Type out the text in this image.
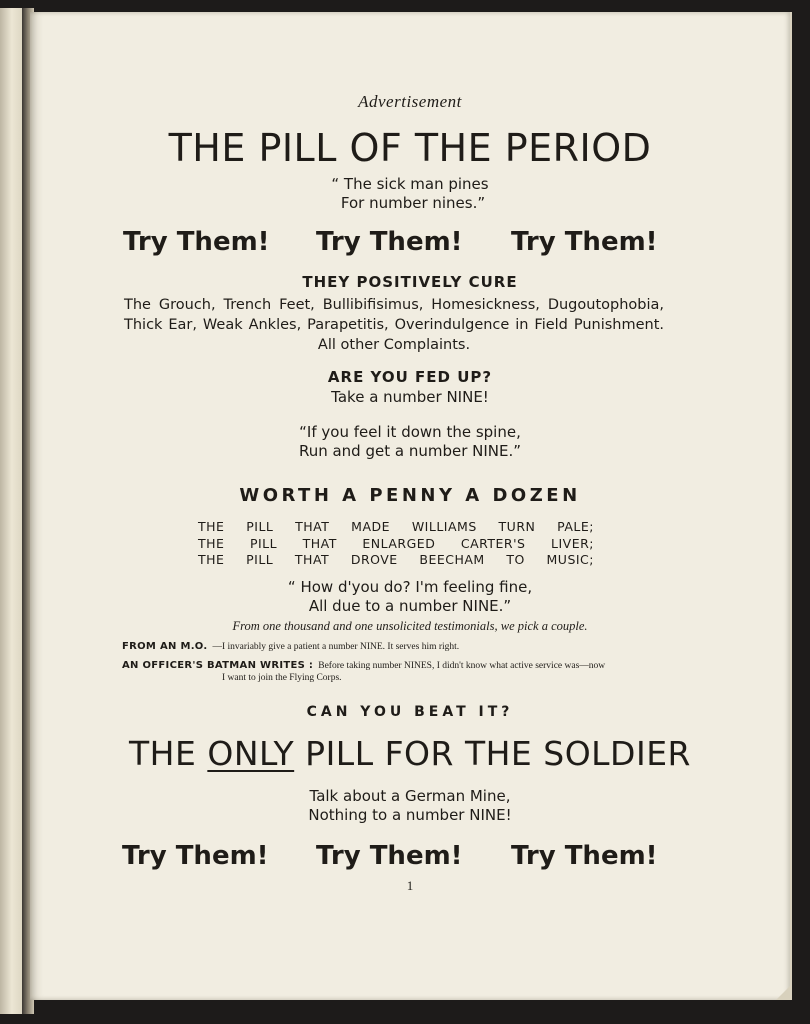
Advertisement
THE PILL OF THE PERIOD
“ The sick man pines
For number nines.”
Try Them! Try Them! Try Them!
THEY POSITIVELY CURE
The Grouch, Trench Feet, Bullibifisimus, Homesickness, Dugoutophobia, Thick Ear, Weak Ankles, Parapetitis, Overindulgence in Field Punishment. All other Complaints.
ARE YOU FED UP?
Take a number NINE!
“If you feel it down the spine,
Run and get a number NINE.”
WORTH A PENNY A DOZEN
THE PILL THAT MADE WILLIAMS TURN PALE;
THE PILL THAT ENLARGED CARTER'S LIVER;
THE PILL THAT DROVE BEECHAM TO MUSIC;
“ How d'you do? I'm feeling fine,
All due to a number NINE.”
From one thousand and one unsolicited testimonials, we pick a couple.
FROM AN M.O. —I invariably give a patient a number NINE. It serves him right.
AN OFFICER'S BATMAN WRITES : Before taking number NINES, I didn't know what active service was—now
I want to join the Flying Corps.
CAN YOU BEAT IT?
THE ONLY PILL FOR THE SOLDIER
Talk about a German Mine,
Nothing to a number NINE!
Try Them! Try Them! Try Them!
1
